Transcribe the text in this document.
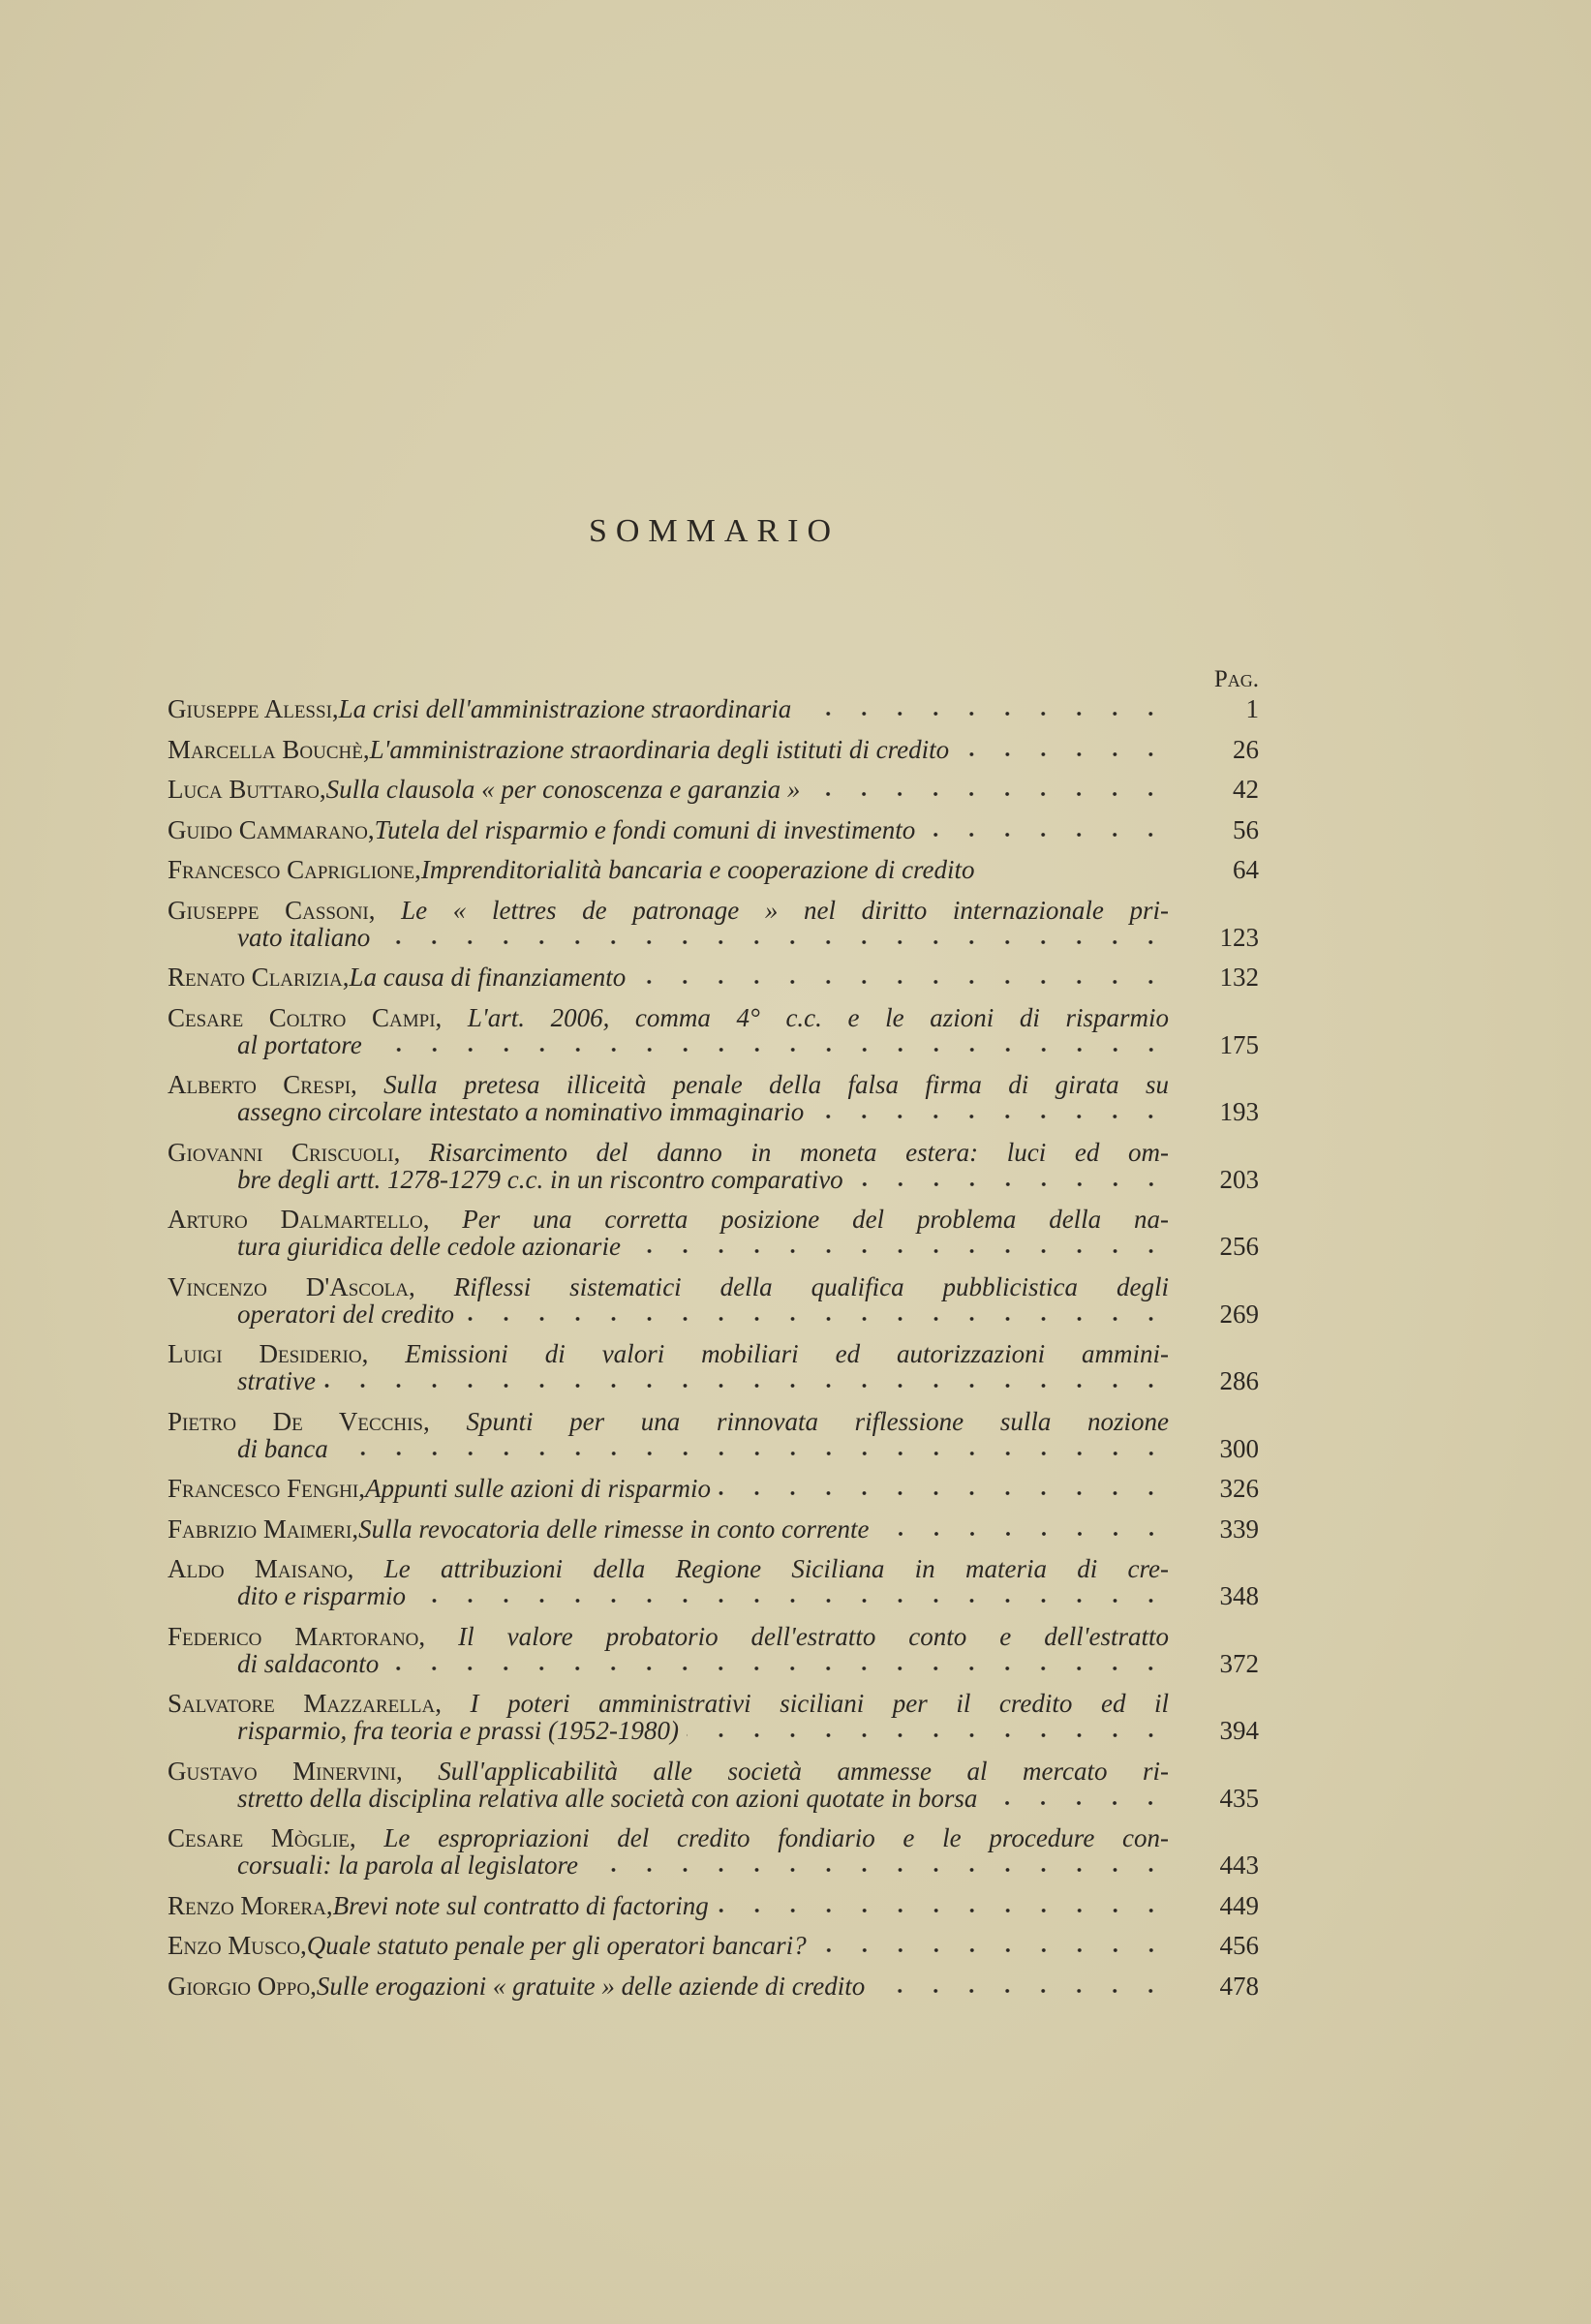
SOMMARIO
Pag.
Giuseppe Alessi , La crisi dell'amministrazione straordinaria	1
Marcella Bouchè , L'amministrazione straordinaria degli istituti di credito	26
Luca Buttaro , Sulla clausola « per conoscenza e garanzia »	42
Guido Cammarano , Tutela del risparmio e fondi comuni di investimento	56
Francesco Capriglione , Imprenditorialità bancaria e cooperazione di credito	64
Giuseppe Cassoni , Le « lettres de patronage » nel diritto internazionale pri-
vato italiano	123
Renato Clarizia , La causa di finanziamento	132
Cesare Coltro Campi , L'art. 2006, comma 4° c.c. e le azioni di risparmio
al portatore	175
Alberto Crespi , Sulla pretesa illiceità penale della falsa firma di girata su
assegno circolare intestato a nominativo immaginario	193
Giovanni Criscuoli , Risarcimento del danno in moneta estera: luci ed om-
bre degli artt. 1278-1279 c.c. in un riscontro comparativo	203
Arturo Dalmartello , Per una corretta posizione del problema della na-
tura giuridica delle cedole azionarie	256
Vincenzo D'Ascola , Riflessi sistematici della qualifica pubblicistica degli
operatori del credito	269
Luigi Desiderio , Emissioni di valori mobiliari ed autorizzazioni ammini-
strative	286
Pietro De Vecchis , Spunti per una rinnovata riflessione sulla nozione
di banca	300
Francesco Fenghi , Appunti sulle azioni di risparmio	326
Fabrizio Maimeri , Sulla revocatoria delle rimesse in conto corrente	339
Aldo Maisano , Le attribuzioni della Regione Siciliana in materia di cre-
dito e risparmio	348
Federico Martorano , Il valore probatorio dell'estratto conto e dell'estratto
di saldaconto	372
Salvatore Mazzarella , I poteri amministrativi siciliani per il credito ed il
risparmio, fra teoria e prassi (1952-1980)	394
Gustavo Minervini , Sull'applicabilità alle società ammesse al mercato ri-
stretto della disciplina relativa alle società con azioni quotate in borsa	435
Cesare Mòglie , Le espropriazioni del credito fondiario e le procedure con-
corsuali: la parola al legislatore	443
Renzo Morera , Brevi note sul contratto di factoring	449
Enzo Musco , Quale statuto penale per gli operatori bancari?	456
Giorgio Oppo , Sulle erogazioni « gratuite » delle aziende di credito	478
